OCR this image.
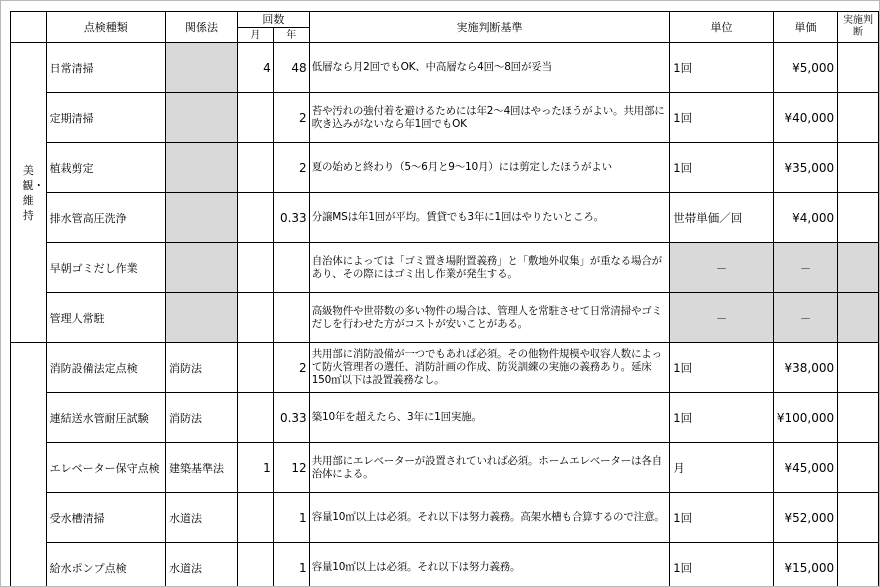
	点検種類	関係法	回数		実施判断基準	単位	単価	実施判断
			月	年				
美観・維持	日常清掃		4	48	低層なら月2回でもOK、中高層なら4回～8回が妥当	1回	¥5,000	
	定期清掃			2	苔や汚れの強付着を避けるためには年2～4回はやったほうがよい。共用部に吹き込みがないなら年1回でもOK	1回	¥40,000	
	植栽剪定			2	夏の始めと終わり（5～6月と9～10月）には剪定したほうがよい	1回	¥35,000	
	排水管高圧洗浄			0.33	分譲MSは年1回が平均。賃貸でも3年に1回はやりたいところ。	世帯単価／回	¥4,000	
	早朝ゴミだし作業				自治体によっては「ゴミ置き場附置義務」と「敷地外収集」が重なる場合があり、その際にはゴミ出し作業が発生する。	－	－	
	管理人常駐				高級物件や世帯数の多い物件の場合は、管理人を常駐させて日常清掃やゴミだしを行わせた方がコストが安いことがある。	－	－	
	消防設備法定点検	消防法		2	共用部に消防設備が一つでもあれば必須。その他物件規模や収容人数によって防火管理者の選任、消防計画の作成、防災訓練の実施の義務あり。延床150㎡以下は設置義務なし。	1回	¥38,000	
	連結送水管耐圧試験	消防法		0.33	築10年を超えたら、3年に1回実施。	1回	¥100,000	
	エレベーター保守点検	建築基準法	1	12	共用部にエレベーターが設置されていれば必須。ホームエレベーターは各自治体による。	月	¥45,000	
	受水槽清掃	水道法		1	容量10㎡以上は必須。それ以下は努力義務。高架水槽も合算するので注意。	1回	¥52,000	
	給水ポンプ点検	水道法		1	容量10㎡以上は必須。それ以下は努力義務。	1回	¥15,000	
